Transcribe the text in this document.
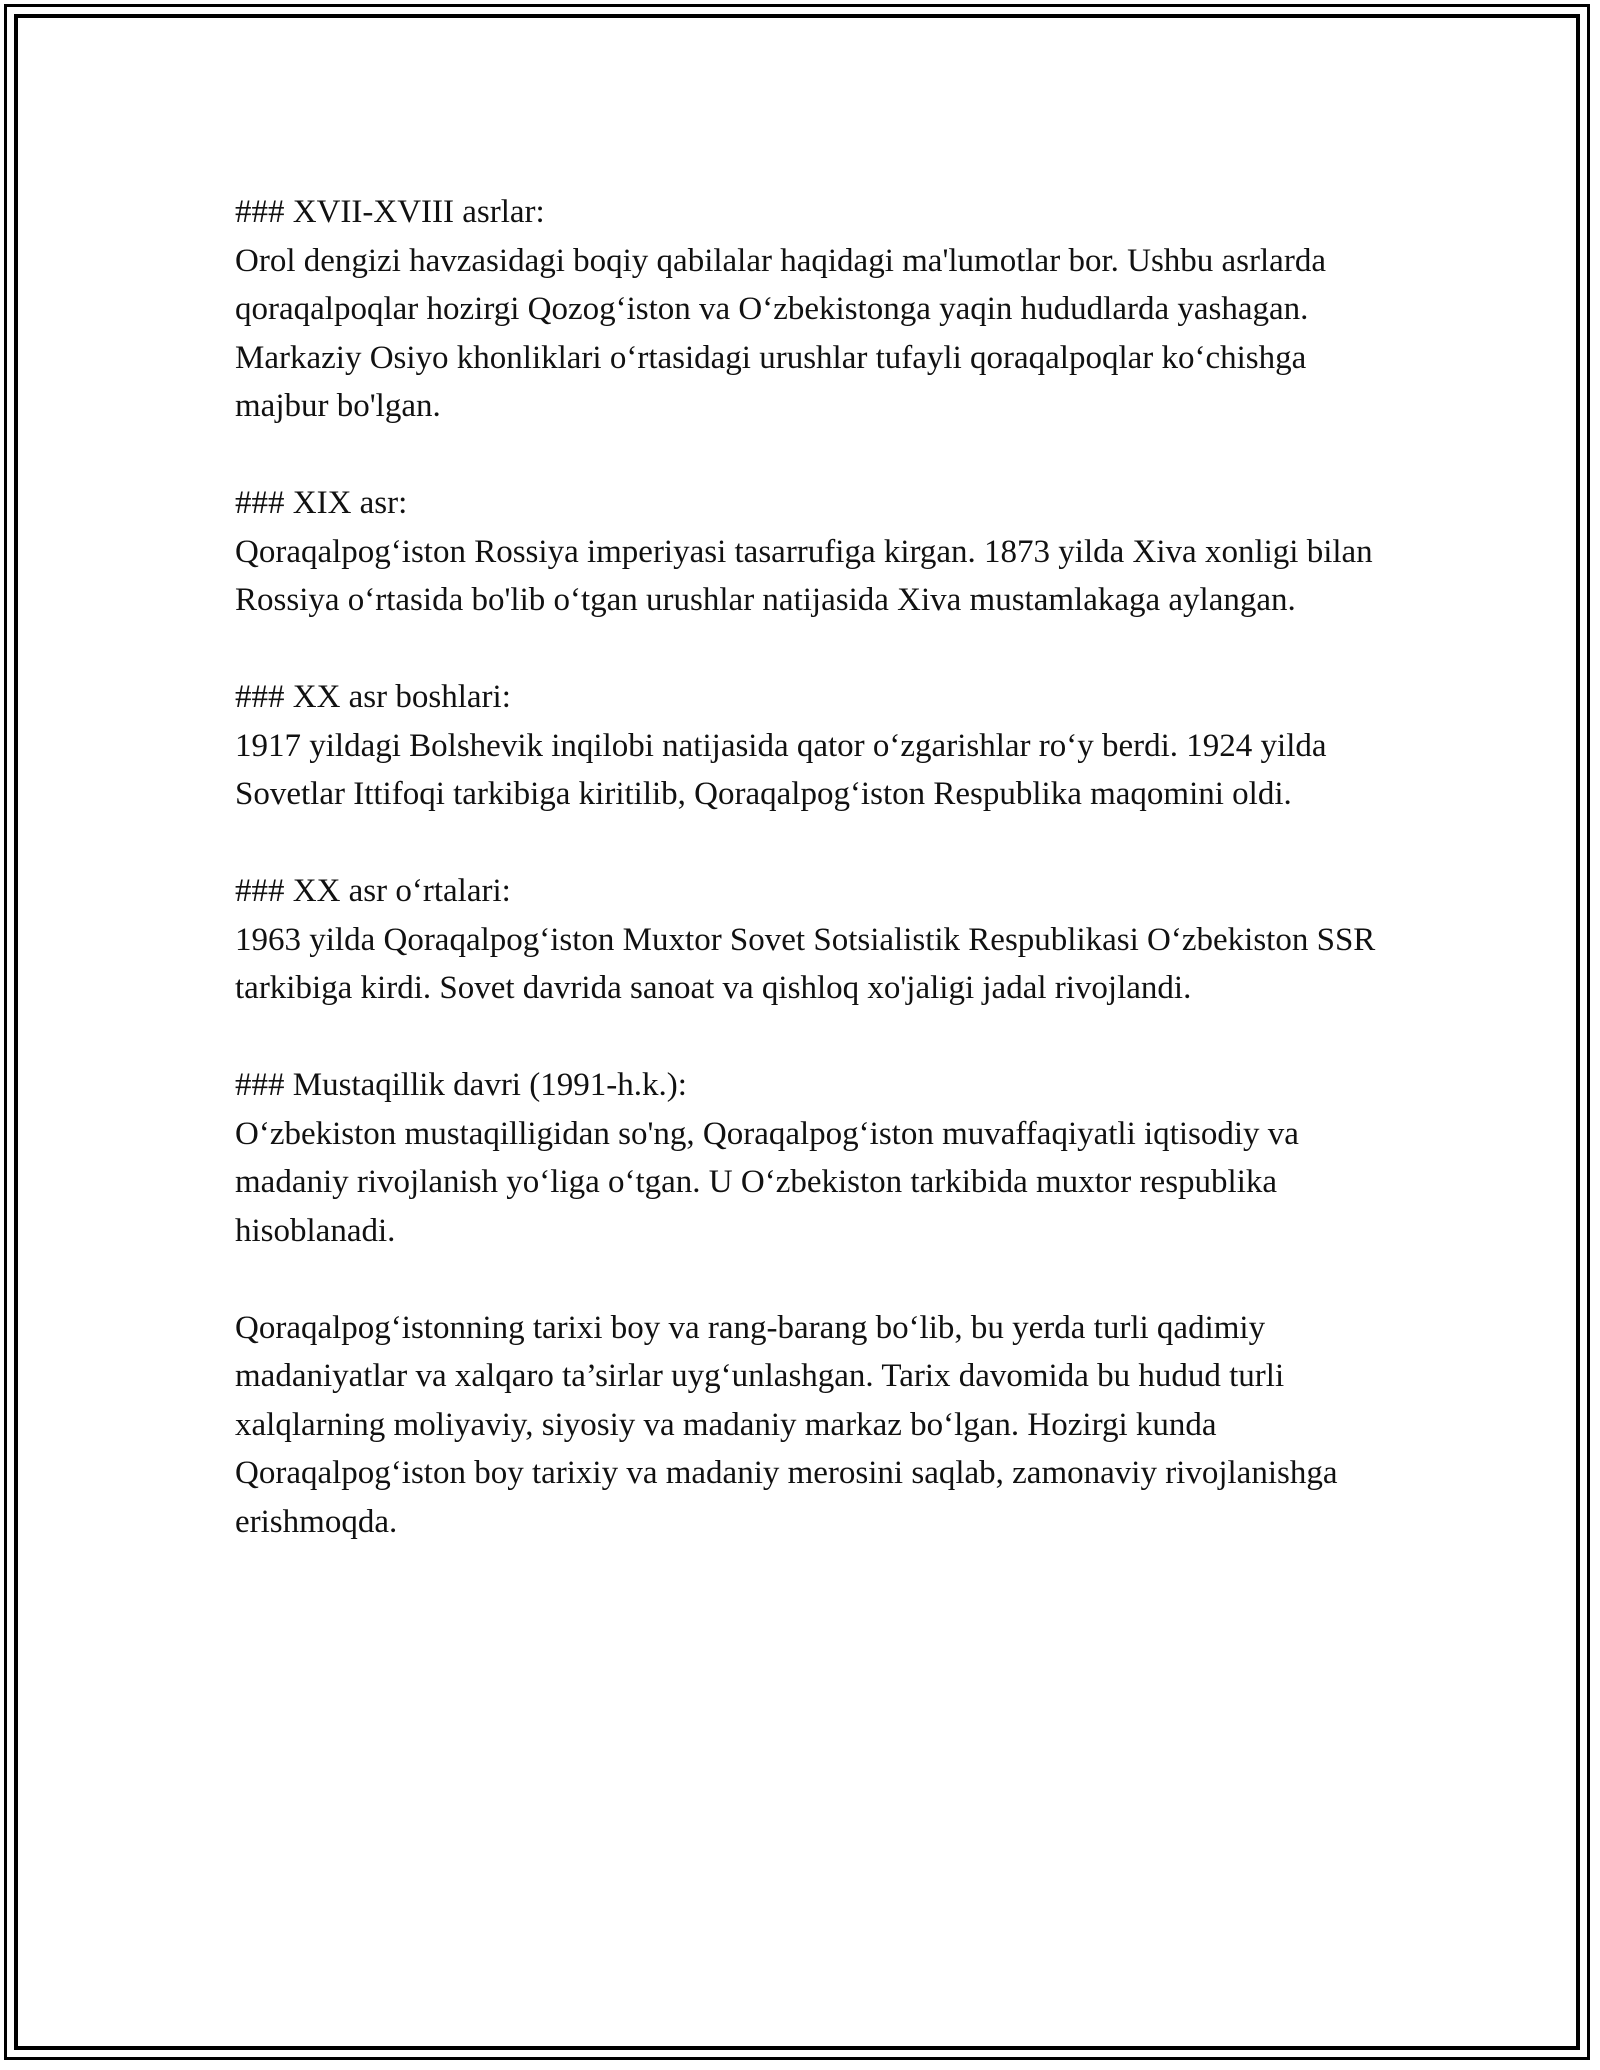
### XVII-XVIII asrlar:
Orol dengizi havzasidagi boqiy qabilalar haqidagi ma'lumotlar bor. Ushbu asrlarda qoraqalpoqlar hozirgi Qozog‘iston va O‘zbekistonga yaqin hududlarda yashagan. Markaziy Osiyo khonliklari o‘rtasidagi urushlar tufayli qoraqalpoqlar ko‘chishga majbur bo'lgan.

### XIX asr:
Qoraqalpog‘iston Rossiya imperiyasi tasarrufiga kirgan. 1873 yilda Xiva xonligi bilan Rossiya o‘rtasida bo'lib o‘tgan urushlar natijasida Xiva mustamlakaga aylangan.

### XX asr boshlari:
1917 yildagi Bolshevik inqilobi natijasida qator o‘zgarishlar ro‘y berdi. 1924 yilda Sovetlar Ittifoqi tarkibiga kiritilib, Qoraqalpog‘iston Respublika maqomini oldi.

### XX asr o‘rtalari:
1963 yilda Qoraqalpog‘iston Muxtor Sovet Sotsialistik Respublikasi O‘zbekiston SSR tarkibiga kirdi. Sovet davrida sanoat va qishloq xo'jaligi jadal rivojlandi.

### Mustaqillik davri (1991-h.k.):
O‘zbekiston mustaqilligidan so'ng, Qoraqalpog‘iston muvaffaqiyatli iqtisodiy va madaniy rivojlanish yo‘liga o‘tgan. U O‘zbekiston tarkibida muxtor respublika hisoblanadi.

Qoraqalpog‘istonning tarixi boy va rang-barang bo‘lib, bu yerda turli qadimiy madaniyatlar va xalqaro ta’sirlar uyg‘unlashgan. Tarix davomida bu hudud turli xalqlarning moliyaviy, siyosiy va madaniy markaz bo‘lgan. Hozirgi kunda Qoraqalpog‘iston boy tarixiy va madaniy merosini saqlab, zamonaviy rivojlanishga erishmoqda.
